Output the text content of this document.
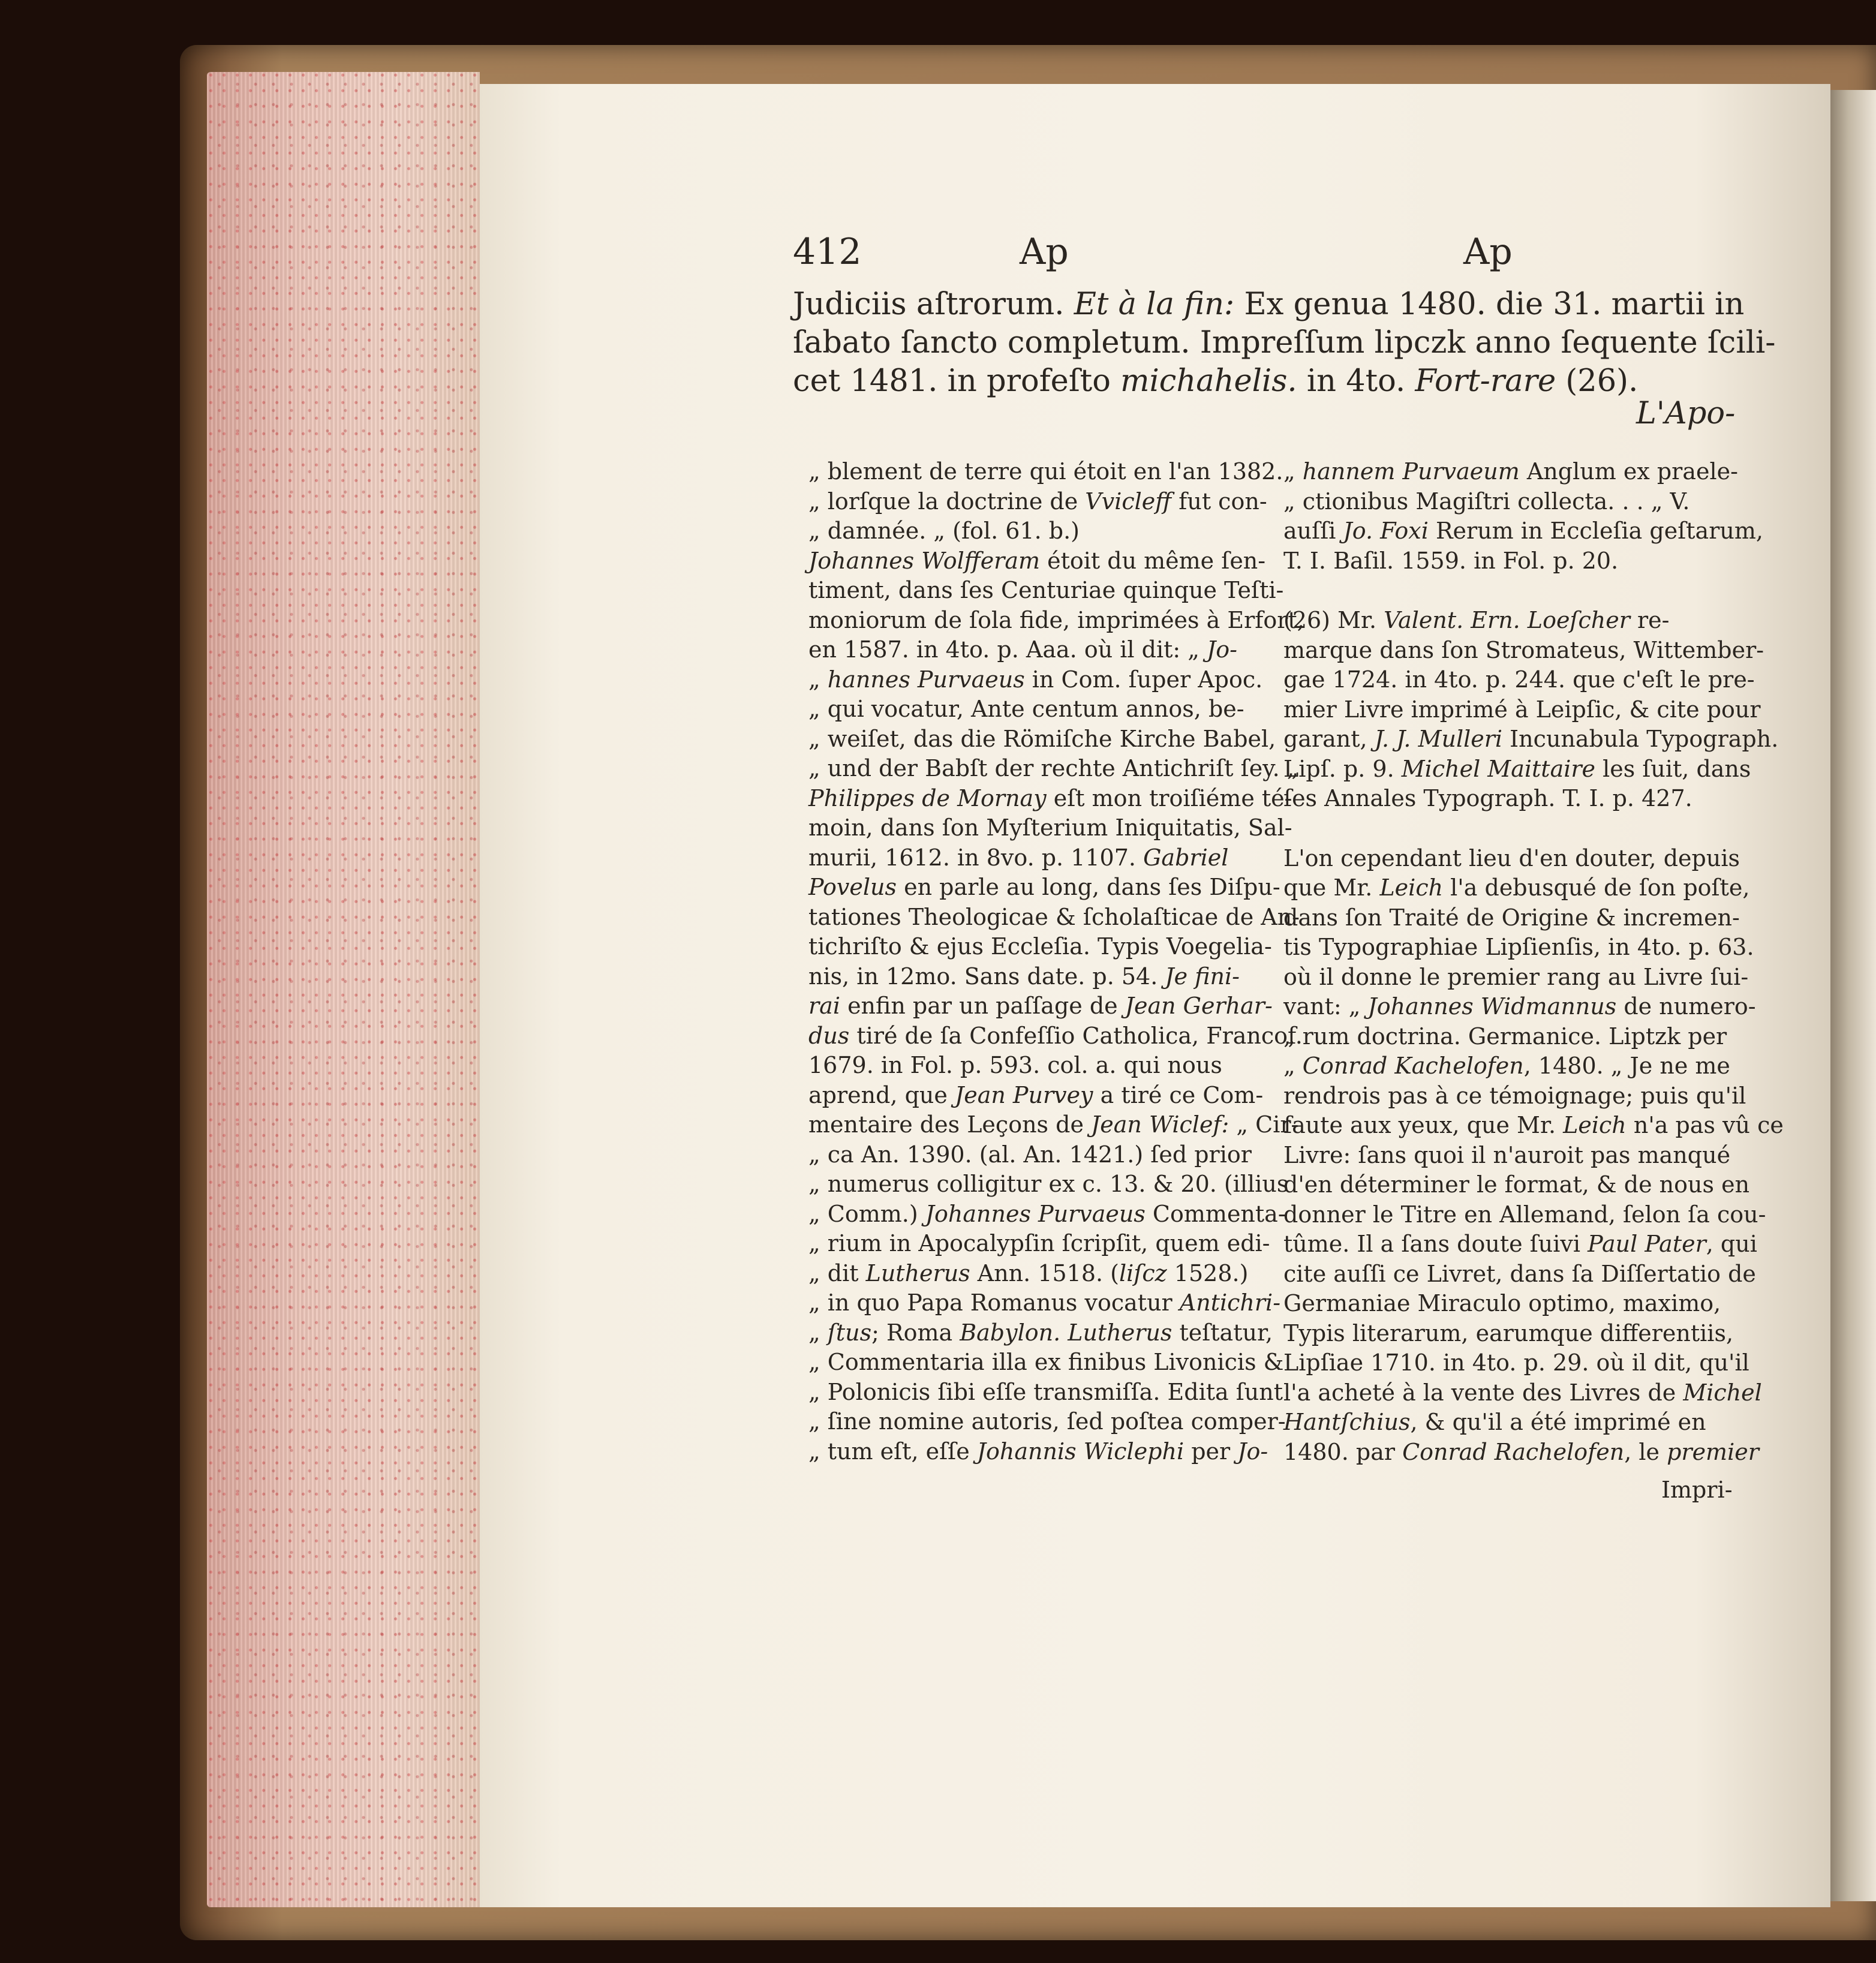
412	Ap	Ap
Judiciis aſtrorum. Et à la fin: Ex genua 1480. die 31. martii in
ſabato ſancto completum. Impreſſum lipczk anno ſequente ſcili-
cet 1481. in profeſto michahelis. in 4to. Fort-rare (26).
L'Apo-
„ blement de terre qui étoit en l'an 1382.
„ lorſque la doctrine de Vvicleff fut con-
„ damnée. „ (fol. 61. b.)
Johannes Wolfferam étoit du même ſen-
timent, dans ſes Centuriae quinque Teſti-
moniorum de ſola fide, imprimées à Erfort,
en 1587. in 4to. p. Aaa. où il dit: „ Jo-
„ hannes Purvaeus in Com. ſuper Apoc.
„ qui vocatur, Ante centum annos, be-
„ weiſet, das die Römiſche Kirche Babel,
„ und der Babſt der rechte Antichriſt ſey. „
Philippes de Mornay eſt mon troiſiéme té-
moin, dans ſon Myſterium Iniquitatis, Sal-
murii, 1612. in 8vo. p. 1107. Gabriel
Povelus en parle au long, dans ſes Diſpu-
tationes Theologicae & ſcholaſticae de An-
tichriſto & ejus Eccleſia. Typis Voegelia-
nis, in 12mo. Sans date. p. 54. Je fini-
rai enfin par un paſſage de Jean Gerhar-
dus tiré de ſa Confeſſio Catholica, Francof.
1679. in Fol. p. 593. col. a. qui nous
aprend, que Jean Purvey a tiré ce Com-
mentaire des Leçons de Jean Wiclef: „ Cir-
„ ca An. 1390. (al. An. 1421.) ſed prior
„ numerus colligitur ex c. 13. & 20. (illius
„ Comm.) Johannes Purvaeus Commenta-
„ rium in Apocalypſin ſcripſit, quem edi-
„ dit Lutherus Ann. 1518. (liſcz 1528.)
„ in quo Papa Romanus vocatur Antichri-
„ ſtus; Roma Babylon. Lutherus teſtatur,
„ Commentaria illa ex finibus Livonicis &
„ Polonicis ſibi eſſe transmiſſa. Edita ſunt
„ ſine nomine autoris, ſed poſtea comper-
„ tum eſt, eſſe Johannis Wiclephi per Jo-
„ hannem Purvaeum Anglum ex praele-
„ ctionibus Magiſtri collecta. . . „ V.
auſſi Jo. Foxi Rerum in Eccleſia geſtarum,
T. I. Baſil. 1559. in Fol. p. 20.
(26) Mr. Valent. Ern. Loeſcher re-
marque dans ſon Stromateus, Wittember-
gae 1724. in 4to. p. 244. que c'eſt le pre-
mier Livre imprimé à Leipſic, & cite pour
garant, J. J. Mulleri Incunabula Typograph.
Lipſ. p. 9. Michel Maittaire les ſuit, dans
ſes Annales Typograph. T. I. p. 427.
L'on cependant lieu d'en douter, depuis
que Mr. Leich l'a debusqué de ſon poſte,
dans ſon Traité de Origine & incremen-
tis Typographiae Lipſienſis, in 4to. p. 63.
où il donne le premier rang au Livre ſui-
vant: „ Johannes Widmannus de numero-
„ rum doctrina. Germanice. Liptzk per
„ Conrad Kachelofen, 1480. „ Je ne me
rendrois pas à ce témoignage; puis qu'il
ſaute aux yeux, que Mr. Leich n'a pas vû ce
Livre: ſans quoi il n'auroit pas manqué
d'en déterminer le format, & de nous en
donner le Titre en Allemand, ſelon ſa cou-
tûme. Il a ſans doute ſuivi Paul Pater, qui
cite auſſi ce Livret, dans ſa Diſſertatio de
Germaniae Miraculo optimo, maximo,
Typis literarum, earumque differentiis,
Lipſiae 1710. in 4to. p. 29. où il dit, qu'il
l'a acheté à la vente des Livres de Michel
Hantſchius, & qu'il a été imprimé en
1480. par Conrad Rachelofen, le premier
Impri-
